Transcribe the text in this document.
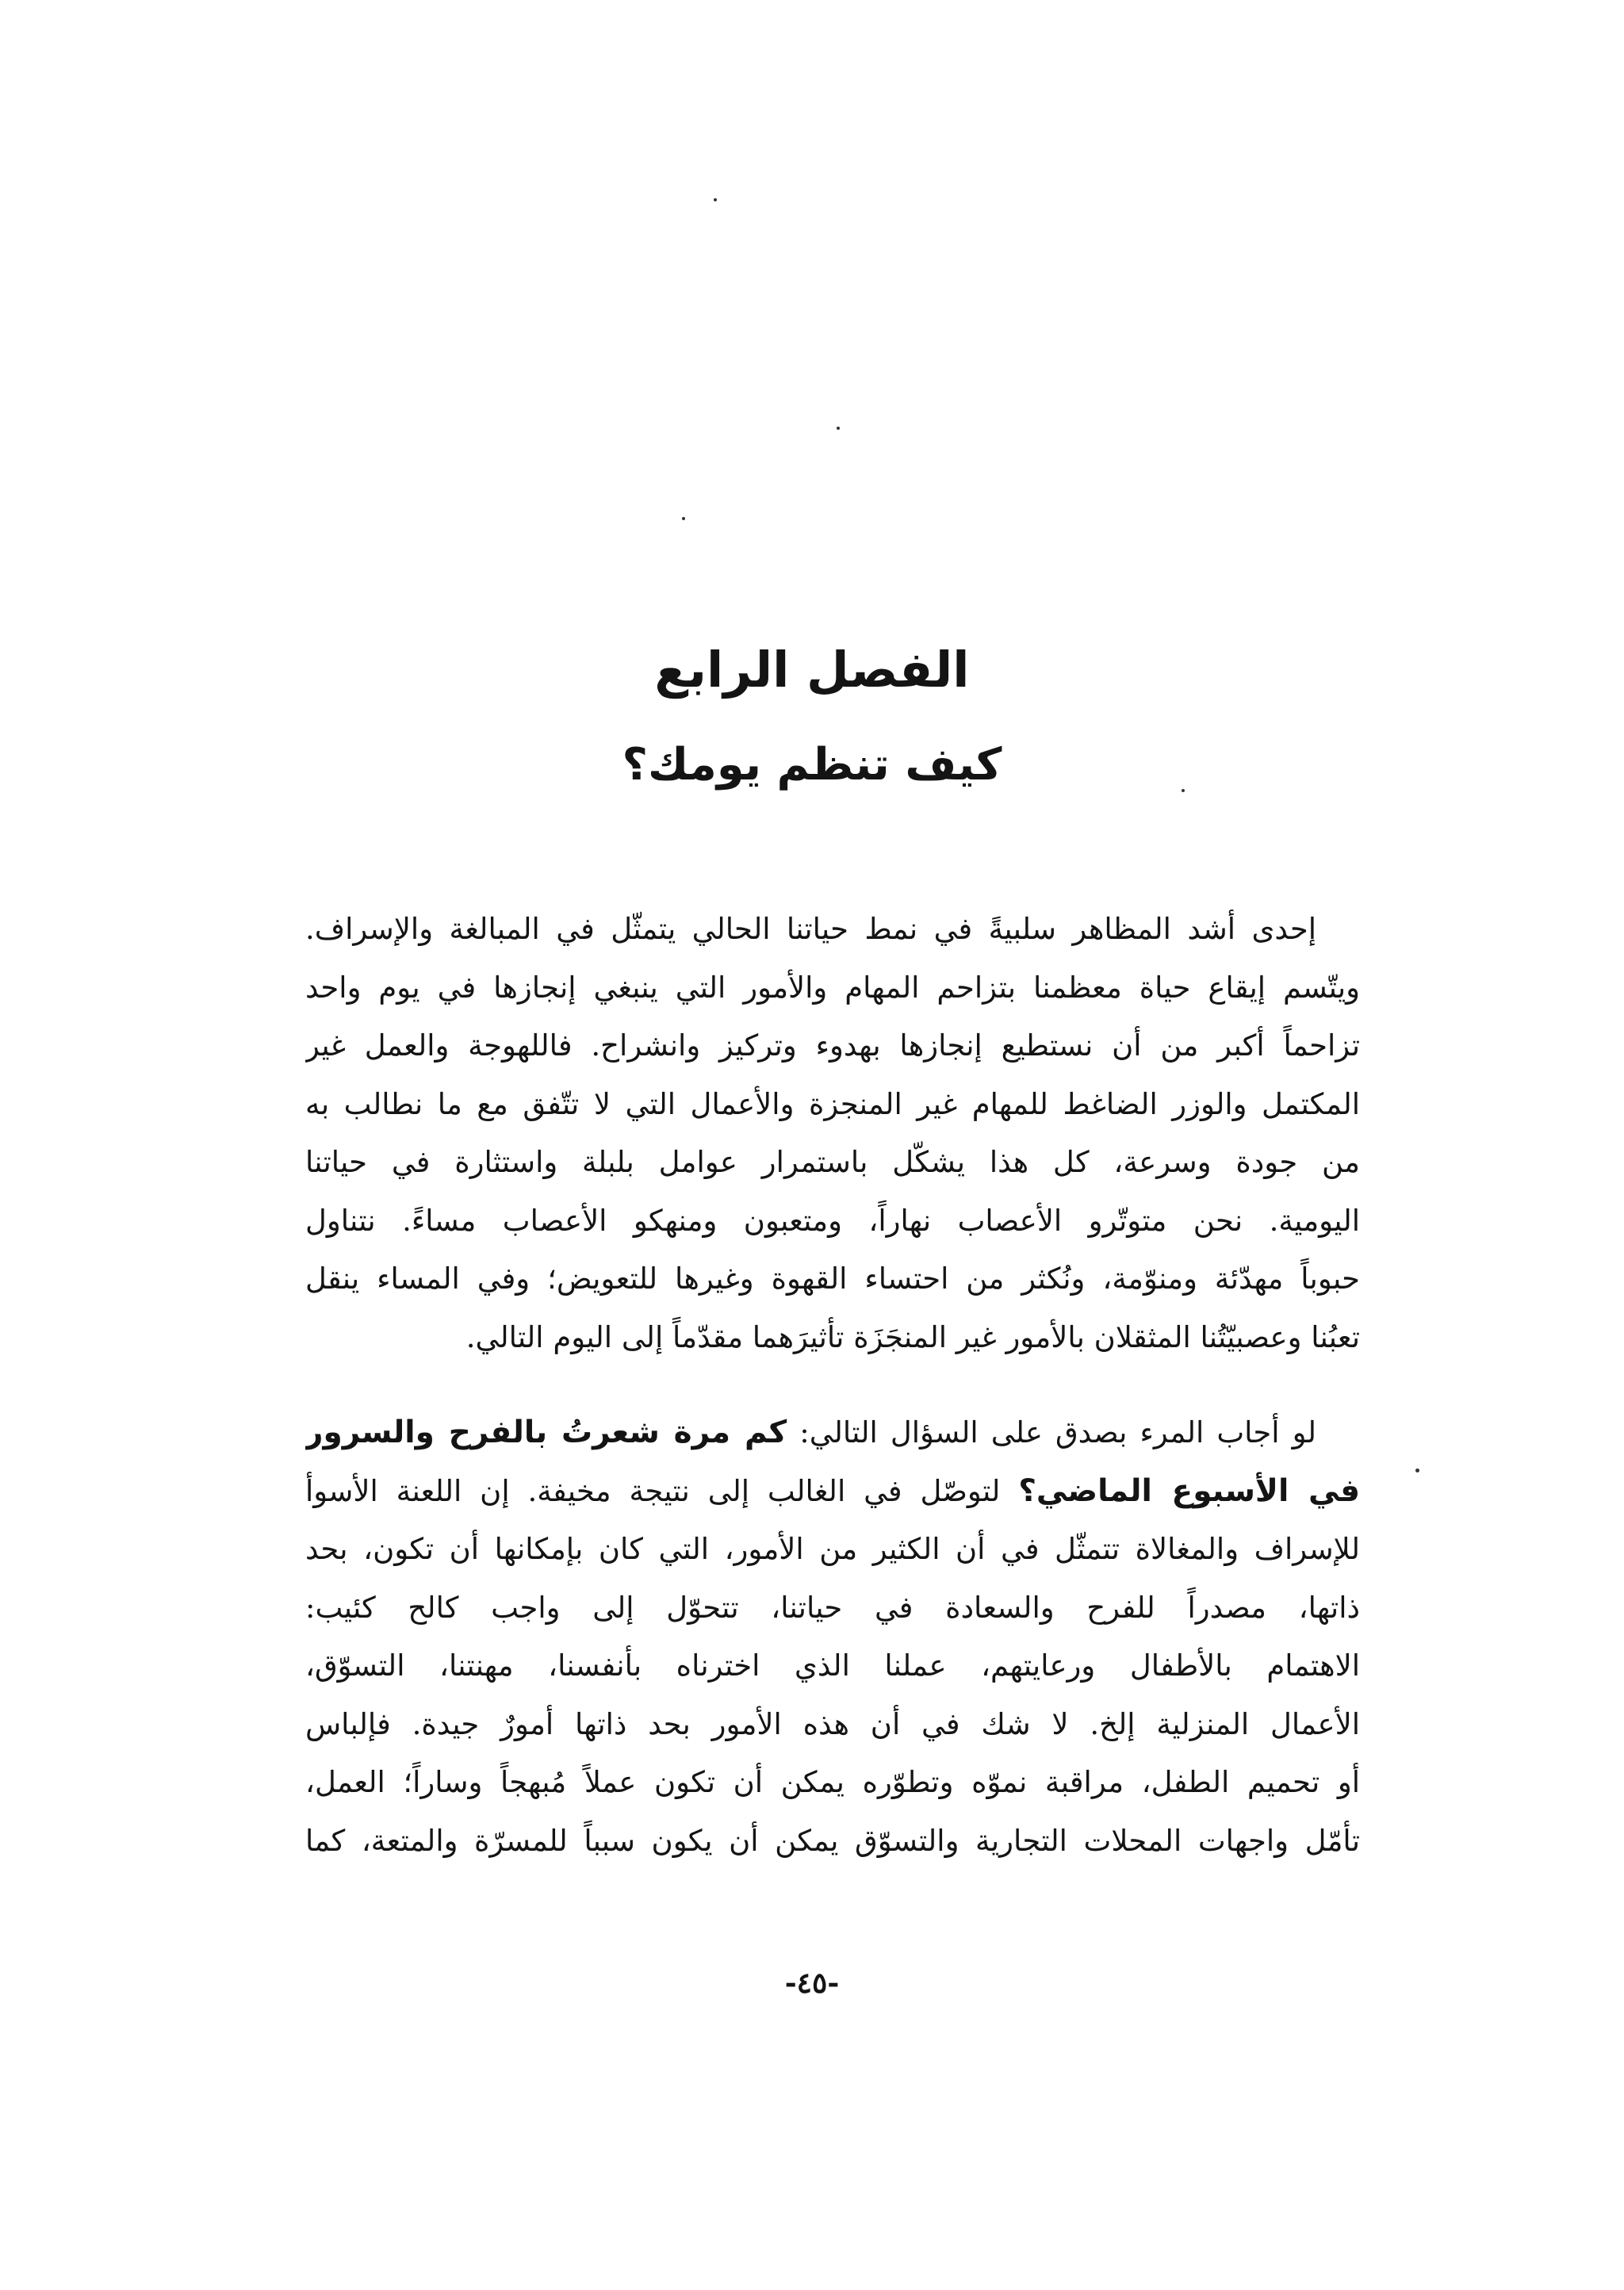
الفصل الرابع
كيف تنظم يومك؟
إحدى أشد المظاهر سلبيةً في نمط حياتنا الحالي يتمثّل في المبالغة والإسراف.
ويتّسم إيقاع حياة معظمنا بتزاحم المهام والأمور التي ينبغي إنجازها في يوم واحد
تزاحماً أكبر من أن نستطيع إنجازها بهدوء وتركيز وانشراح. فاللهوجة والعمل غير
المكتمل والوزر الضاغط للمهام غير المنجزة والأعمال التي لا تتّفق مع ما نطالب به
من جودة وسرعة، كل هذا يشكّل باستمرار عوامل بلبلة واستثارة في حياتنا
اليومية. نحن متوتّرو الأعصاب نهاراً، ومتعبون ومنهكو الأعصاب مساءً. نتناول
حبوباً مهدّئة ومنوّمة، ونُكثر من احتساء القهوة وغيرها للتعويض؛ وفي المساء ينقل
تعبُنا وعصبيّتُنا المثقلان بالأمور غير المنجَزَة تأثيرَهما مقدّماً إلى اليوم التالي.
لو أجاب المرء بصدق على السؤال التالي: كم مرة شعرتُ بالفرح والسرور
في الأسبوع الماضي؟ لتوصّل في الغالب إلى نتيجة مخيفة. إن اللعنة الأسوأ
للإسراف والمغالاة تتمثّل في أن الكثير من الأمور، التي كان بإمكانها أن تكون، بحد
ذاتها، مصدراً للفرح والسعادة في حياتنا، تتحوّل إلى واجب كالح كئيب:
الاهتمام بالأطفال ورعايتهم، عملنا الذي اخترناه بأنفسنا، مهنتنا، التسوّق،
الأعمال المنزلية إلخ. لا شك في أن هذه الأمور بحد ذاتها أمورٌ جيدة. فإلباس
أو تحميم الطفل، مراقبة نموّه وتطوّره يمكن أن تكون عملاً مُبهجاً وساراً؛ العمل،
تأمّل واجهات المحلات التجارية والتسوّق يمكن أن يكون سبباً للمسرّة والمتعة، كما
-٤٥-
